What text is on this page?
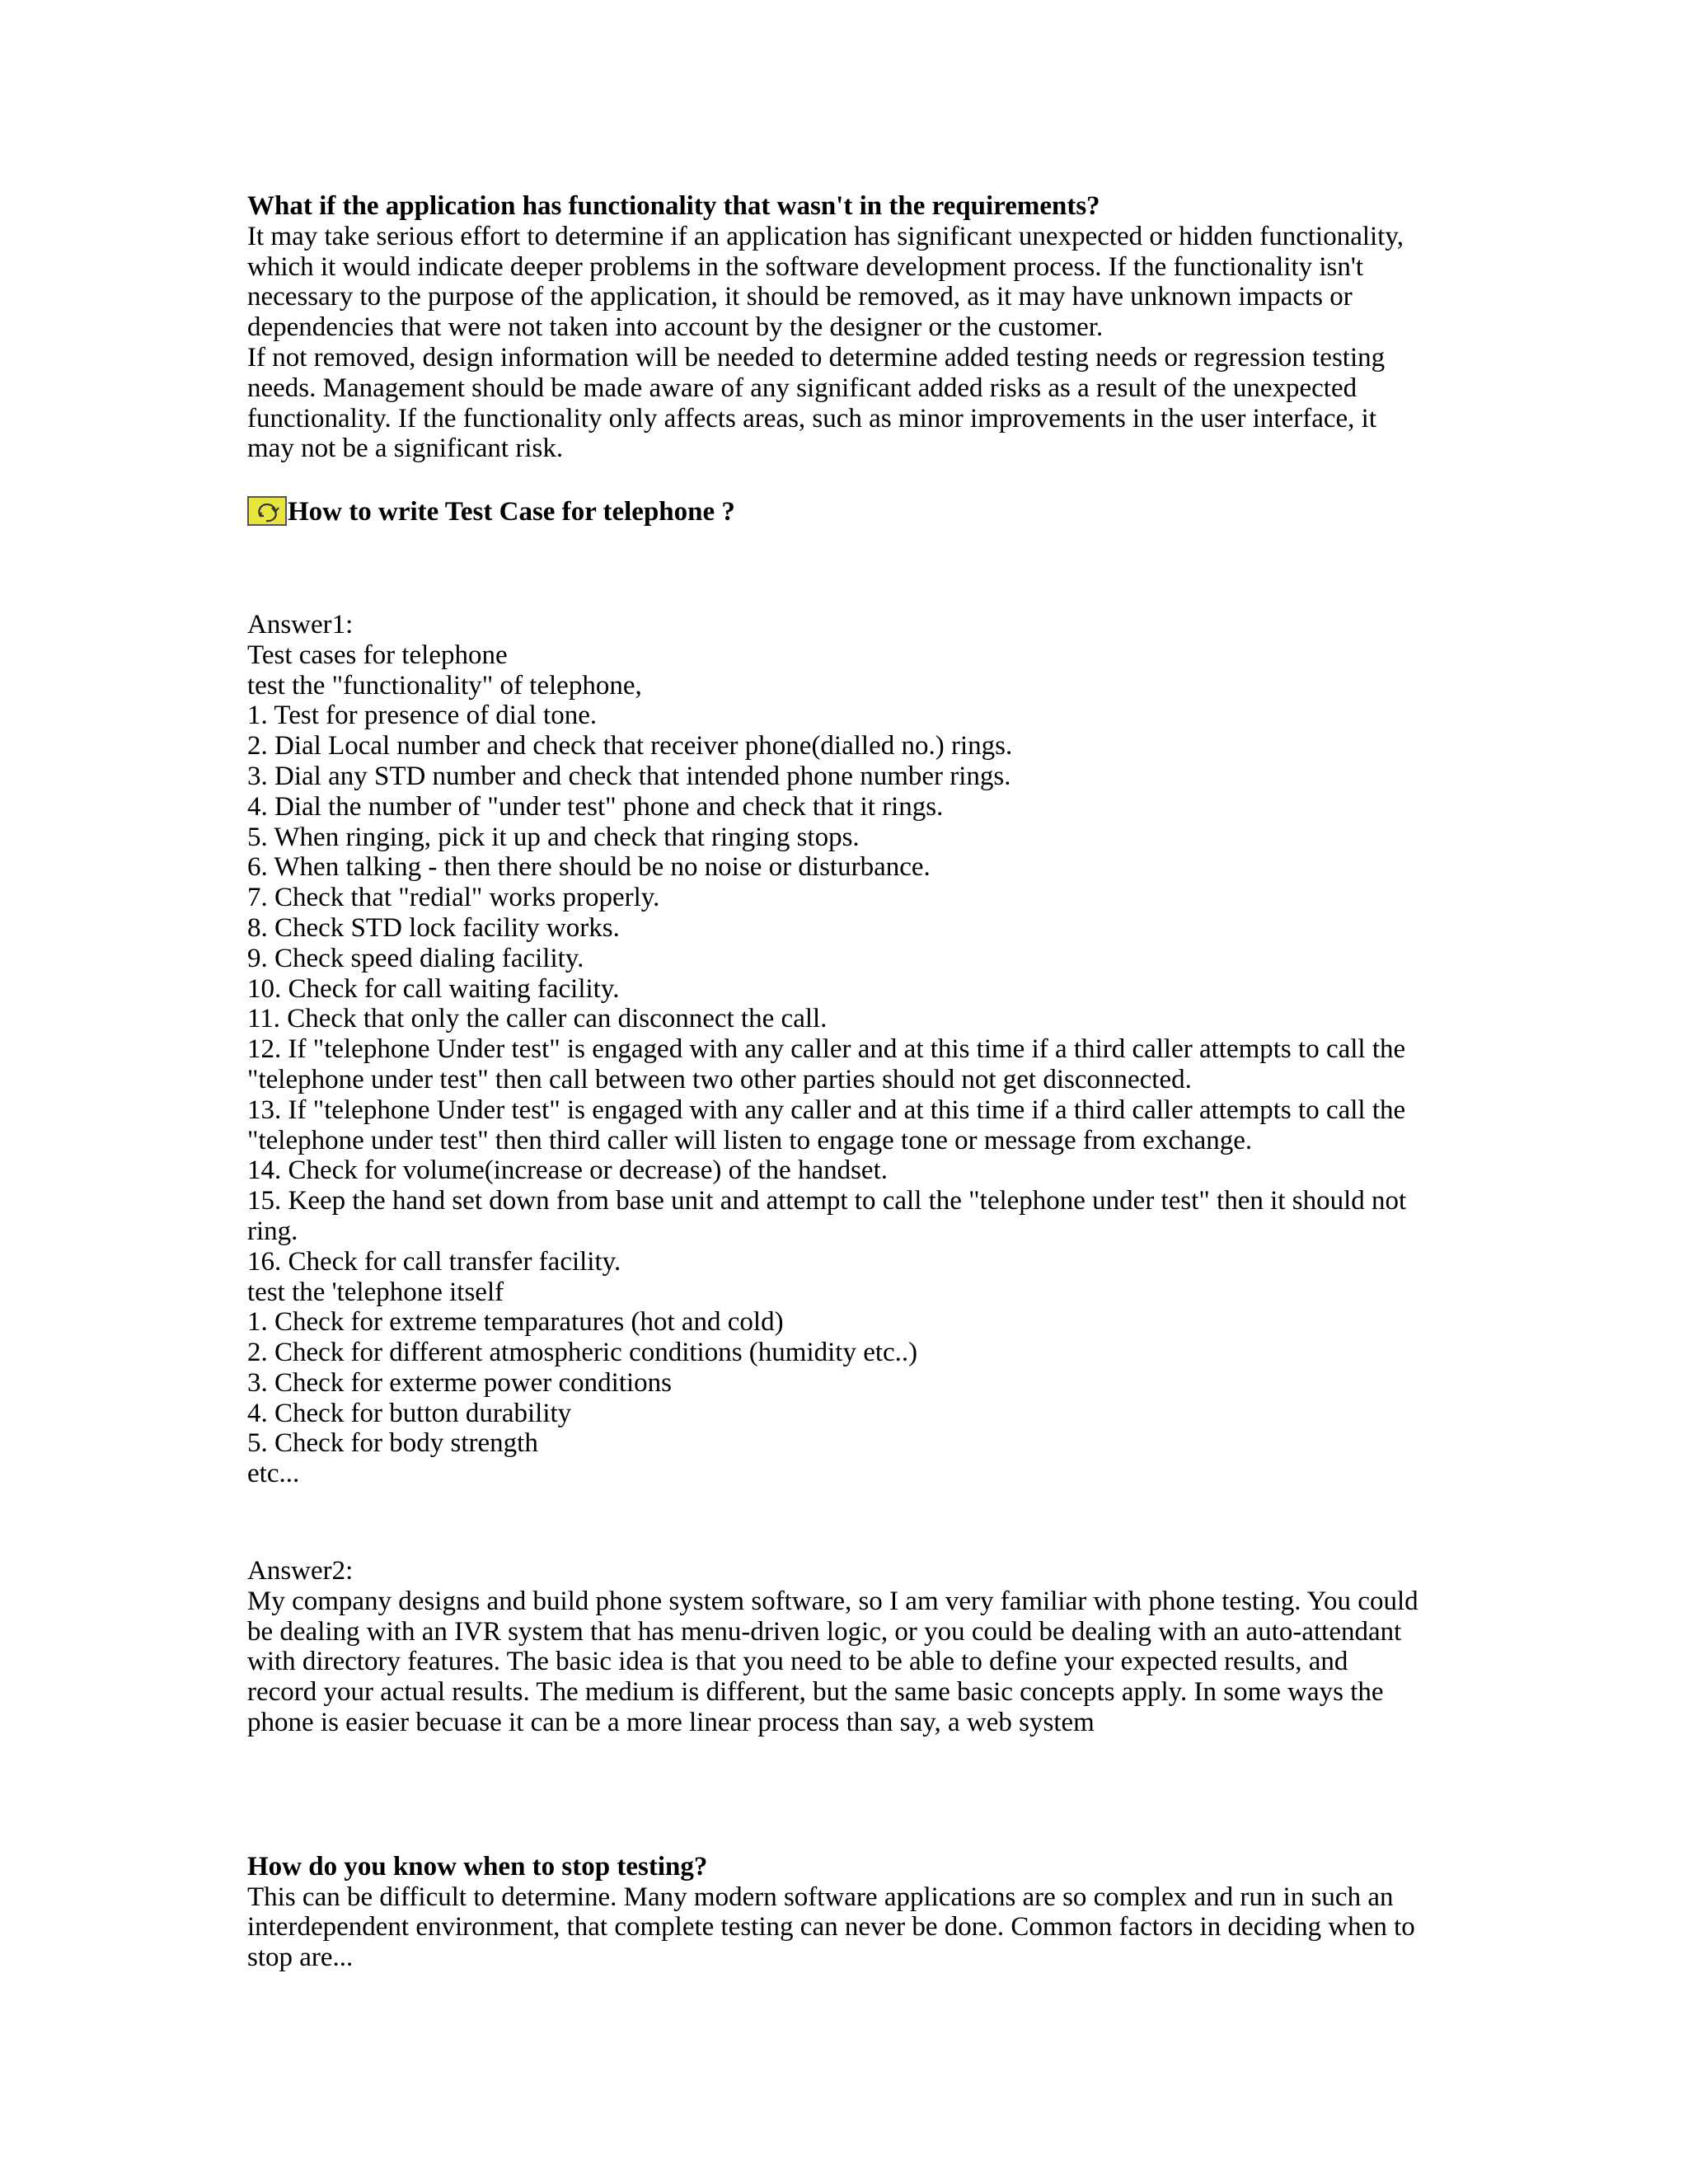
What if the application has functionality that wasn't in the requirements?

It may take serious effort to determine if an application has significant unexpected or hidden functionality,
which it would indicate deeper problems in the software development process. If the functionality isn't
necessary to the purpose of the application, it should be removed, as it may have unknown impacts or
dependencies that were not taken into account by the designer or the customer.
If not removed, design information will be needed to determine added testing needs or regression testing
needs. Management should be made aware of any significant added risks as a result of the unexpected
functionality. If the functionality only affects areas, such as minor improvements in the user interface, it
may not be a significant risk.
How to write Test Case for telephone ?
Answer1:
Test cases for telephone
test the "functionality" of telephone,
1. Test for presence of dial tone.
2. Dial Local number and check that receiver phone(dialled no.) rings.
3. Dial any STD number and check that intended phone number rings.
4. Dial the number of "under test" phone and check that it rings.
5. When ringing, pick it up and check that ringing stops.
6. When talking - then there should be no noise or disturbance.
7. Check that "redial" works properly.
8. Check STD lock facility works.
9. Check speed dialing facility.
10. Check for call waiting facility.
11. Check that only the caller can disconnect the call.
12. If "telephone Under test" is engaged with any caller and at this time if a third caller attempts to call the
"telephone under test" then call between two other parties should not get disconnected.
13. If "telephone Under test" is engaged with any caller and at this time if a third caller attempts to call the
"telephone under test" then third caller will listen to engage tone or message from exchange.
14. Check for volume(increase or decrease) of the handset.
15. Keep the hand set down from base unit and attempt to call the "telephone under test" then it should not
ring.
16. Check for call transfer facility.
test the 'telephone itself
1. Check for extreme temparatures (hot and cold)
2. Check for different atmospheric conditions (humidity etc..)
3. Check for exterme power conditions
4. Check for button durability
5. Check for body strength
etc...
Answer2:
My company designs and build phone system software, so I am very familiar with phone testing. You could
be dealing with an IVR system that has menu-driven logic, or you could be dealing with an auto-attendant
with directory features. The basic idea is that you need to be able to define your expected results, and
record your actual results. The medium is different, but the same basic concepts apply. In some ways the
phone is easier becuase it can be a more linear process than say, a web system

How do you know when to stop testing?

This can be difficult to determine. Many modern software applications are so complex and run in such an
interdependent environment, that complete testing can never be done. Common factors in deciding when to
stop are...
